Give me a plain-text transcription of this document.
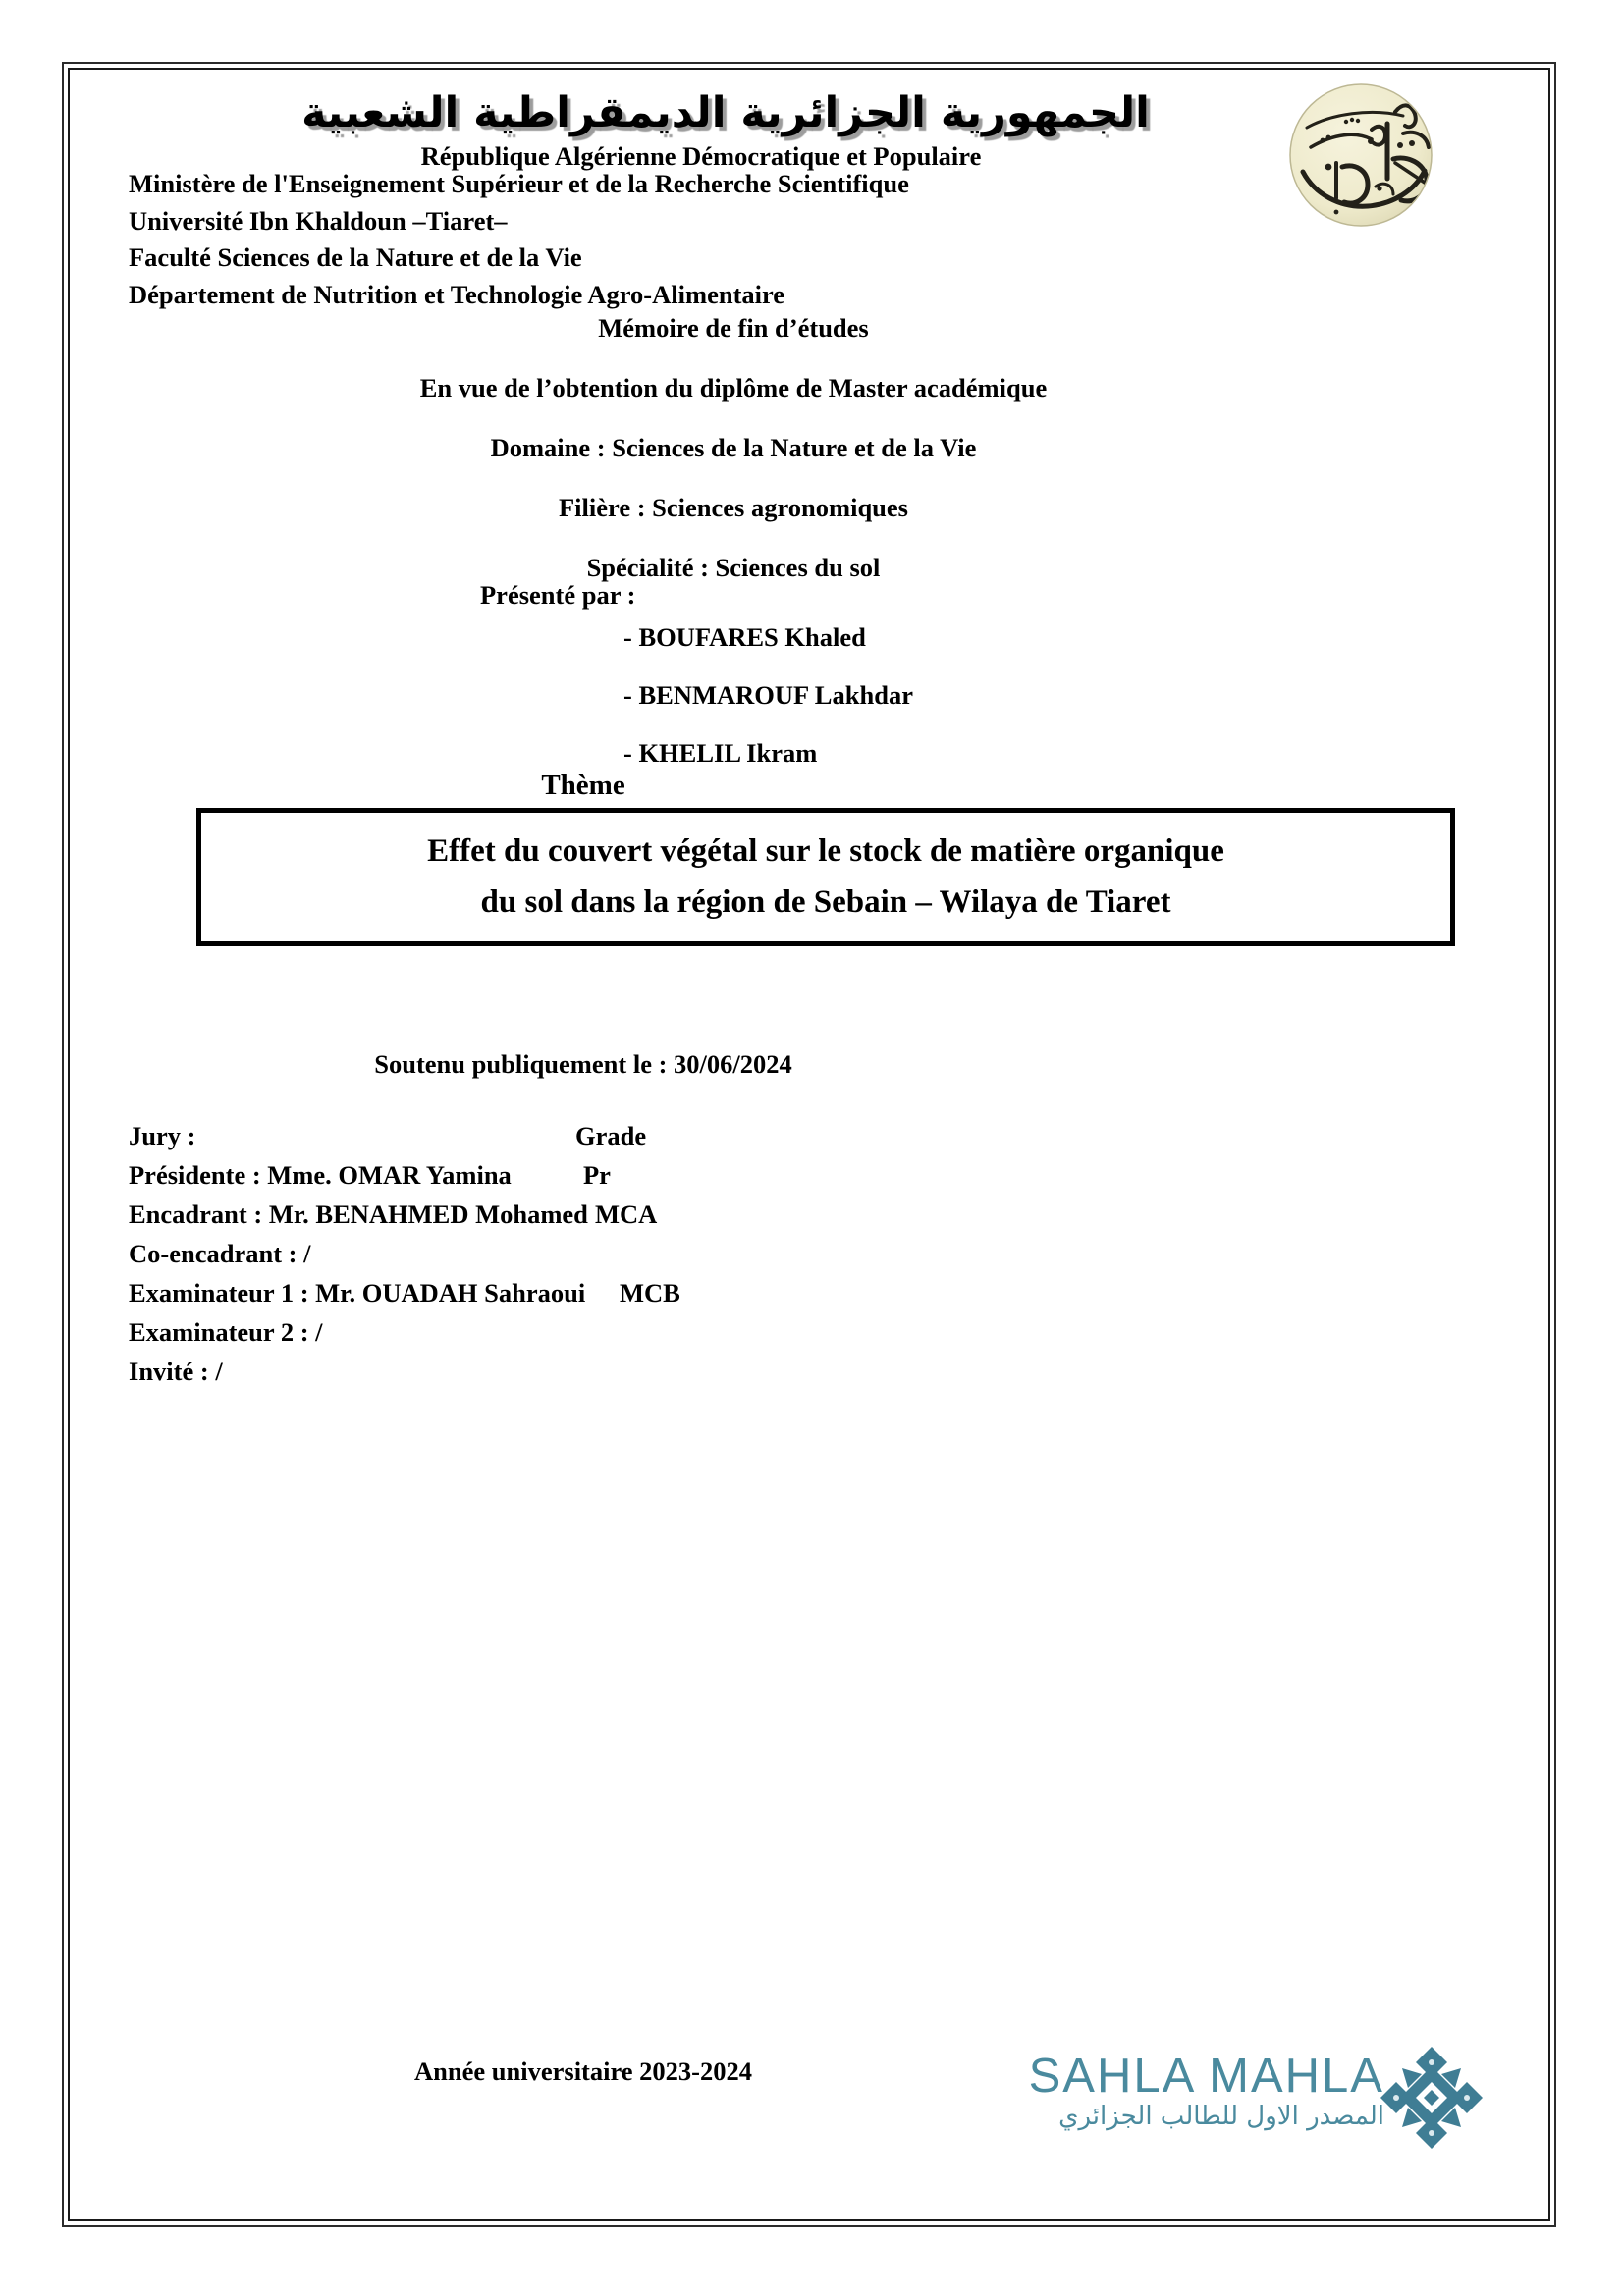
الجمهورية الجزائرية الديمقراطية الشعبية
République Algérienne Démocratique et Populaire
Ministère de l'Enseignement Supérieur et de la Recherche Scientifique
Université Ibn Khaldoun –Tiaret–
Faculté Sciences de la Nature et de la Vie
Département de Nutrition et Technologie Agro-Alimentaire
Mémoire de fin d’études
En vue de l’obtention du diplôme de Master académique
Domaine : Sciences de la Nature et de la Vie
Filière : Sciences agronomiques
Spécialité : Sciences du sol
Présenté par :
- BOUFARES Khaled
- BENMAROUF Lakhdar
- KHELIL Ikram
Thème
Effet du couvert végétal sur le stock de matière organique
du sol dans la région de Sebain – Wilaya de Tiaret
Soutenu publiquement le : 30/06/2024
Jury :	Grade
Présidente : Mme. OMAR Yamina	Pr
Encadrant : Mr. BENAHMED Mohamed MCA
Co-encadrant : /
Examinateur 1 : Mr. OUADAH Sahraoui MCB
Examinateur 2 : /
Invité : /
Année universitaire 2023-2024	SAHLA MAHLA
المصدر الاول للطالب الجزائري
